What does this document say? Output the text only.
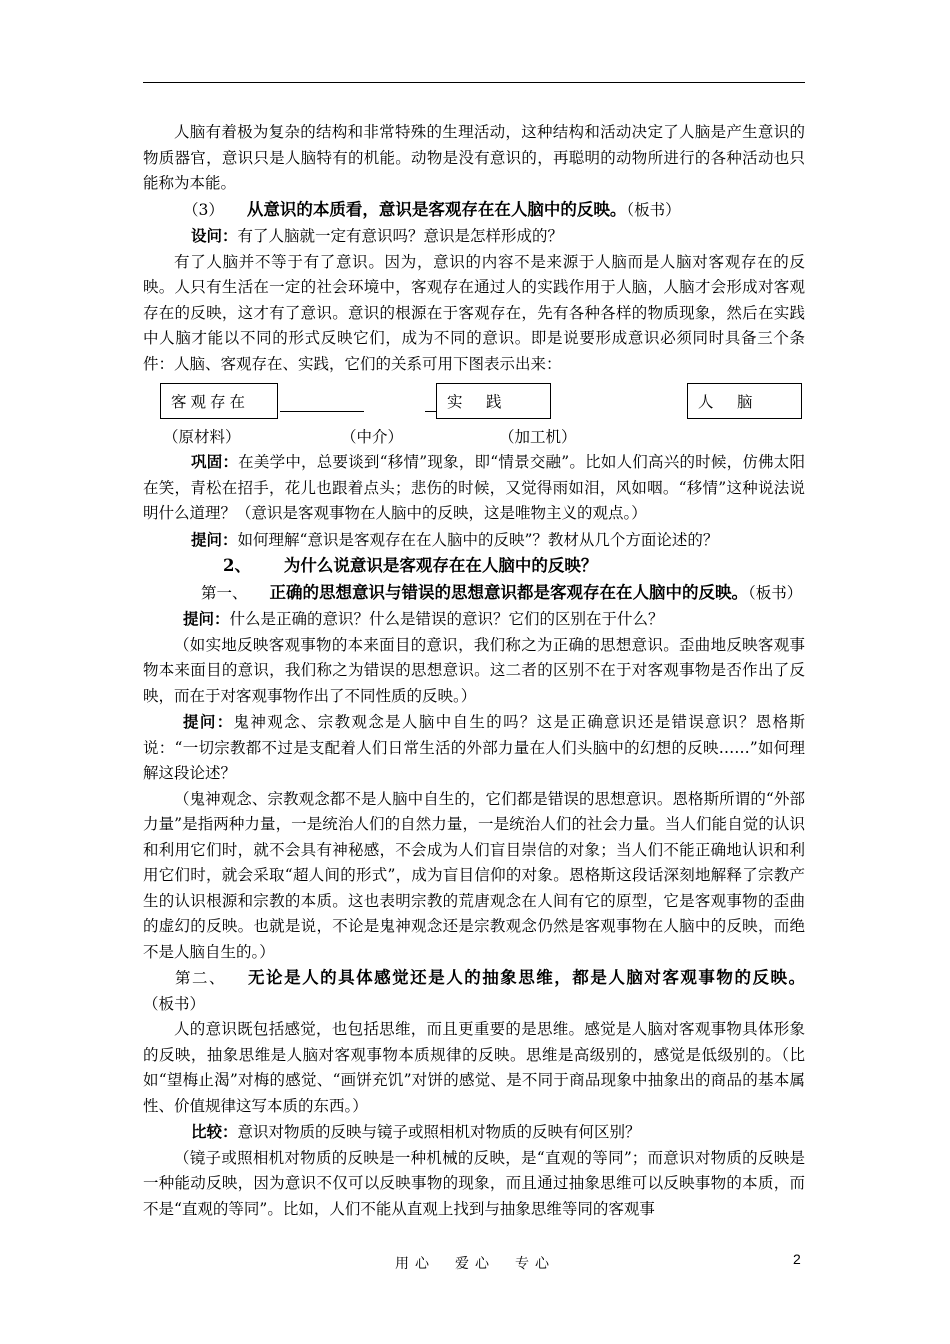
人脑有着极为复杂的结构和非常特殊的生理活动，这种结构和活动决定了人脑是产生意识的物质器官，意识只是人脑特有的机能。动物是没有意识的，再聪明的动物所进行的各种活动也只能称为本能。

（3） 从意识的本质看，意识是客观存在在人脑中的反映。（板书）

设问：有了人脑就一定有意识吗？意识是怎样形成的？

有了人脑并不等于有了意识。因为，意识的内容不是来源于人脑而是人脑对客观存在的反映。人只有生活在一定的社会环境中，客观存在通过人的实践作用于人脑，人脑才会形成对客观存在的反映，这才有了意识。意识的根源在于客观存在，先有各种各样的物质现象，然后在实践中人脑才能以不同的形式反映它们，成为不同的意识。即是说要形成意识必须同时具备三个条件：人脑、客观存在、实践，它们的关系可用下图表示出来：

客观存在	实　践	人　脑
（原材料）	（中介）	（加工机）

巩固：在美学中，总要谈到“移情”现象，即“情景交融”。比如人们高兴的时候，仿佛太阳在笑，青松在招手，花儿也跟着点头；悲伤的时候，又觉得雨如泪，风如咽。“移情”这种说法说明什么道理？（意识是客观事物在人脑中的反映，这是唯物主义的观点。）

提问：如何理解“意识是客观存在在人脑中的反映”？教材从几个方面论述的？

2、 为什么说意识是客观存在在人脑中的反映？

第一、 正确的思想意识与错误的思想意识都是客观存在在人脑中的反映。（板书）

提问：什么是正确的意识？什么是错误的意识？它们的区别在于什么？

（如实地反映客观事物的本来面目的意识，我们称之为正确的思想意识。歪曲地反映客观事物本来面目的意识，我们称之为错误的思想意识。这二者的区别不在于对客观事物是否作出了反映，而在于对客观事物作出了不同性质的反映。）

提问：鬼神观念、宗教观念是人脑中自生的吗？这是正确意识还是错误意识？恩格斯说：“一切宗教都不过是支配着人们日常生活的外部力量在人们头脑中的幻想的反映……”如何理解这段论述？

（鬼神观念、宗教观念都不是人脑中自生的，它们都是错误的思想意识。恩格斯所谓的“外部力量”是指两种力量，一是统治人们的自然力量，一是统治人们的社会力量。当人们能自觉的认识和利用它们时，就不会具有神秘感，不会成为人们盲目崇信的对象；当人们不能正确地认识和利用它们时，就会采取“超人间的形式”，成为盲目信仰的对象。恩格斯这段话深刻地解释了宗教产生的认识根源和宗教的本质。这也表明宗教的荒唐观念在人间有它的原型，它是客观事物的歪曲的虚幻的反映。也就是说，不论是鬼神观念还是宗教观念仍然是客观事物在人脑中的反映，而绝不是人脑自生的。）

第二、 无论是人的具体感觉还是人的抽象思维，都是人脑对客观事物的反映。（板书）

人的意识既包括感觉，也包括思维，而且更重要的是思维。感觉是人脑对客观事物具体形象的反映，抽象思维是人脑对客观事物本质规律的反映。思维是高级别的，感觉是低级别的。（比如“望梅止渴”对梅的感觉、“画饼充饥”对饼的感觉、是不同于商品现象中抽象出的商品的基本属性、价值规律这写本质的东西。）

比较：意识对物质的反映与镜子或照相机对物质的反映有何区别？

（镜子或照相机对物质的反映是一种机械的反映，是“直观的等同”；而意识对物质的反映是一种能动反映，因为意识不仅可以反映事物的现象，而且通过抽象思维可以反映事物的本质，而不是“直观的等同”。比如，人们不能从直观上找到与抽象思维等同的客观事

用心　爱心　专心	2
